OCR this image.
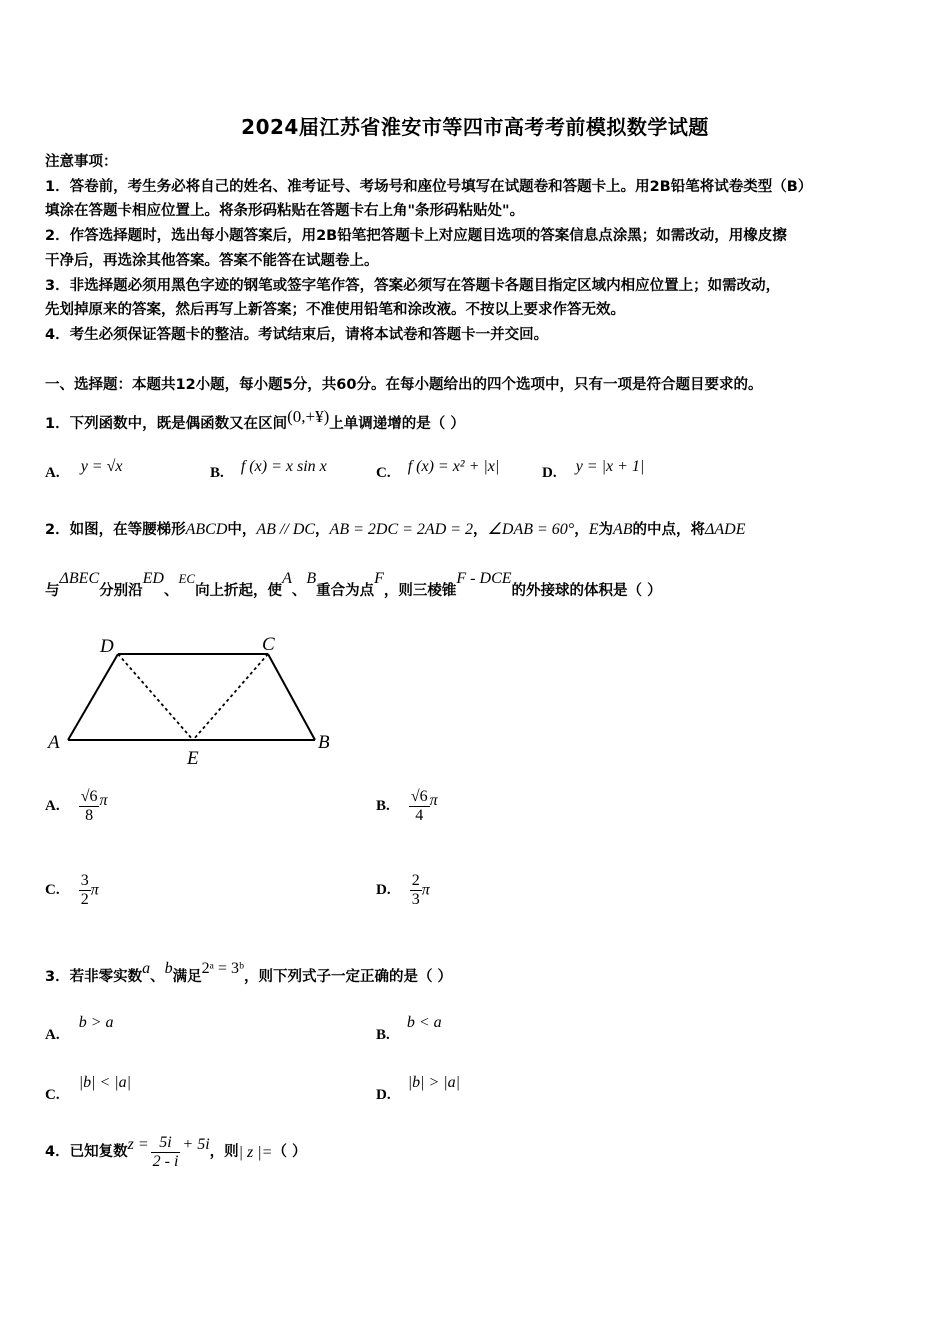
2024届江苏省淮安市等四市高考考前模拟数学试题
注意事项：
1．答卷前，考生务必将自己的姓名、准考证号、考场号和座位号填写在试题卷和答题卡上。用2B铅笔将试卷类型（B）
填涂在答题卡相应位置上。将条形码粘贴在答题卡右上角"条形码粘贴处"。
2．作答选择题时，选出每小题答案后，用2B铅笔把答题卡上对应题目选项的答案信息点涂黑；如需改动，用橡皮擦
干净后，再选涂其他答案。答案不能答在试题卷上。
3．非选择题必须用黑色字迹的钢笔或签字笔作答，答案必须写在答题卡各题目指定区域内相应位置上；如需改动，
先划掉原来的答案，然后再写上新答案；不准使用铅笔和涂改液。不按以上要求作答无效。
4．考生必须保证答题卡的整洁。考试结束后，请将本试卷和答题卡一并交回。
一、选择题：本题共12小题，每小题5分，共60分。在每小题给出的四个选项中，只有一项是符合题目要求的。
1．下列函数中，既是偶函数又在区间(0,+¥)上单调递增的是（ ）
A. y = √x	B. f (x) = x sin x	C. f (x) = x² + |x|	D. y = |x + 1|
2．如图，在等腰梯形ABCD中，AB // DC，AB = 2DC = 2AD = 2，∠DAB = 60°，E为AB的中点，将ΔADE
与ΔBEC分别沿ED、EC向上折起，使A、B重合为点F，则三棱锥F - DCE的外接球的体积是（ ）
D	C
A	B
E
A. $\frac{√6}{8}$ π	B. $\frac{√6}{4}$ π
C. $\frac{3}{2}$ π	D. $\frac{2}{3}$ π
3．若非零实数a、b满足2ᵃ = 3ᵇ，则下列式子一定正确的是（ ）
A. b > a
B. b < a
C. |b| < |a|
D. |b| > |a|
4．已知复数$z = \frac{5i}{2 - i} + 5i$，则| z |=（ ）
